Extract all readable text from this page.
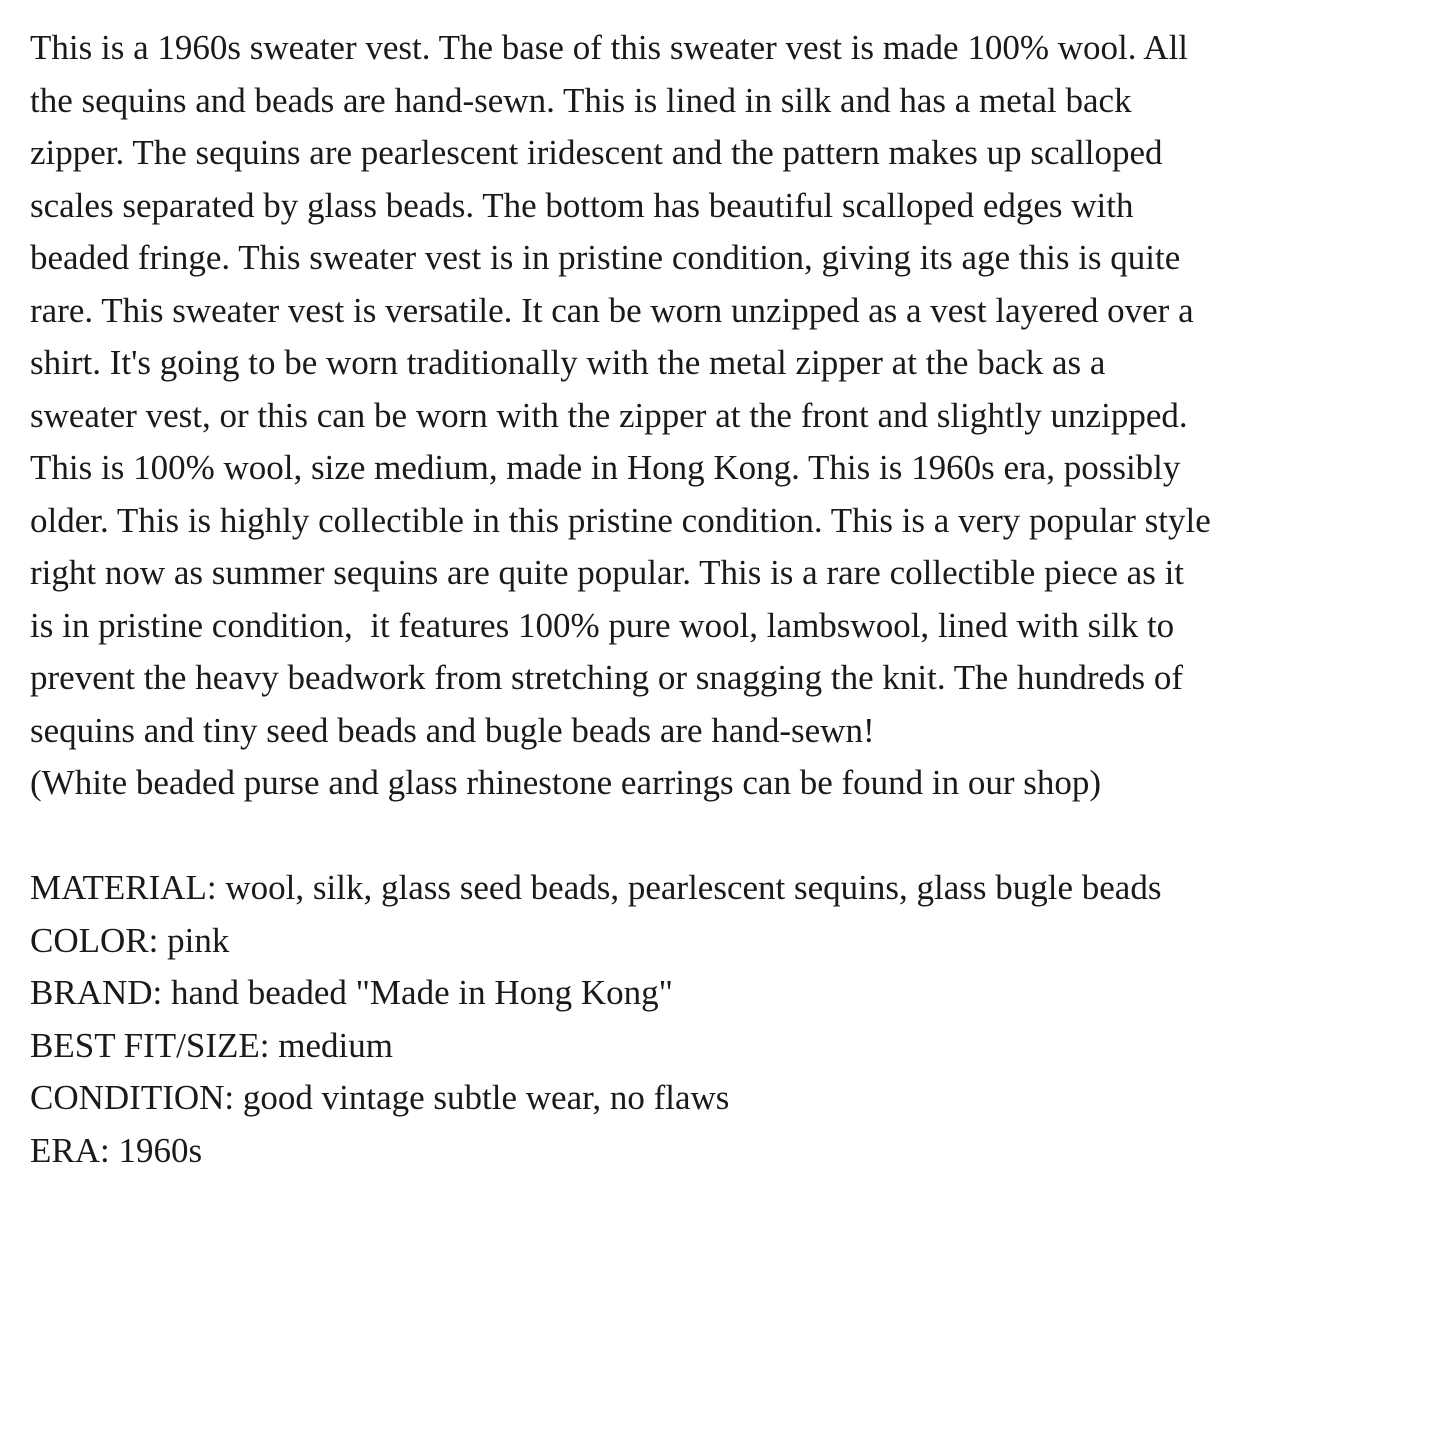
This is a 1960s sweater vest. The base of this sweater vest is made 100% wool. All
the sequins and beads are hand-sewn. This is lined in silk and has a metal back
zipper. The sequins are pearlescent iridescent and the pattern makes up scalloped
scales separated by glass beads. The bottom has beautiful scalloped edges with
beaded fringe. This sweater vest is in pristine condition, giving its age this is quite
rare. This sweater vest is versatile. It can be worn unzipped as a vest layered over a
shirt. It's going to be worn traditionally with the metal zipper at the back as a
sweater vest, or this can be worn with the zipper at the front and slightly unzipped.
This is 100% wool, size medium, made in Hong Kong. This is 1960s era, possibly
older. This is highly collectible in this pristine condition. This is a very popular style
right now as summer sequins are quite popular. This is a rare collectible piece as it
is in pristine condition,  it features 100% pure wool, lambswool, lined with silk to
prevent the heavy beadwork from stretching or snagging the knit. The hundreds of
sequins and tiny seed beads and bugle beads are hand-sewn!
(White beaded purse and glass rhinestone earrings can be found in our shop)
MATERIAL: wool, silk, glass seed beads, pearlescent sequins, glass bugle beads
COLOR: pink
BRAND: hand beaded "Made in Hong Kong"
BEST FIT/SIZE: medium
CONDITION: good vintage subtle wear, no flaws
ERA: 1960s
